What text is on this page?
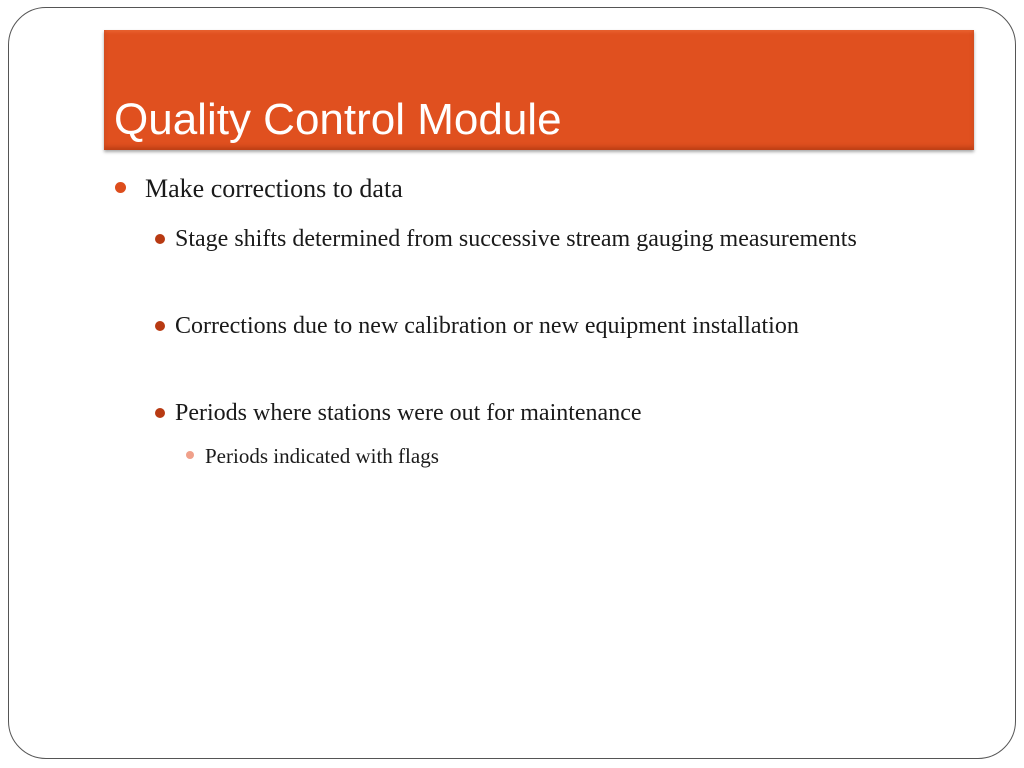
Quality Control Module
Make corrections to data
Stage shifts determined from successive stream gauging measurements
Corrections due to new calibration or new equipment installation
Periods where stations were out for maintenance
Periods indicated with flags
